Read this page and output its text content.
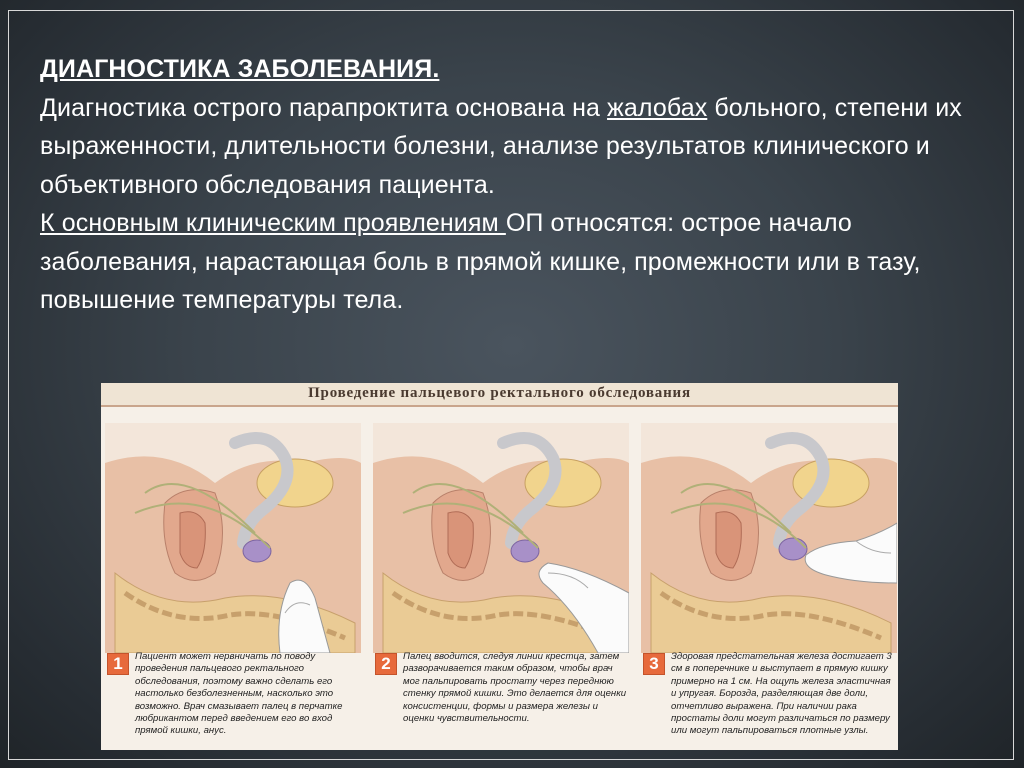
ДИАГНОСТИКА ЗАБОЛЕВАНИЯ.
Диагностика острого парапроктита основана на жалобах больного, степени их выраженности, длительности болезни, анализе результатов клинического и объективного обследования пациента.
К основным клиническим проявлениям ОП относятся: острое начало заболевания, нарастающая боль в прямой кишке, промежности или в тазу, повышение температуры тела.
Проведение пальцевого ректального обследования
1	Пациент может нервничать по поводу проведения пальцевого ректального обследования, поэтому важно сделать его настолько безболезненным, насколько это возможно. Врач смазывает палец в перчатке любрикантом перед введением его во вход прямой кишки, анус.
2	Палец вводится, следуя линии крестца, затем разворачивается таким образом, чтобы врач мог пальпировать простату через переднюю стенку прямой кишки. Это делается для оценки консистенции, формы и размера железы и оценки чувствительности.
3	Здоровая предстательная железа достигает 3 см в поперечнике и выступает в прямую кишку примерно на 1 см. На ощупь железа эластичная и упругая. Борозда, разделяющая две доли, отчетливо выражена. При наличии рака простаты доли могут различаться по размеру или могут пальпироваться плотные узлы.
